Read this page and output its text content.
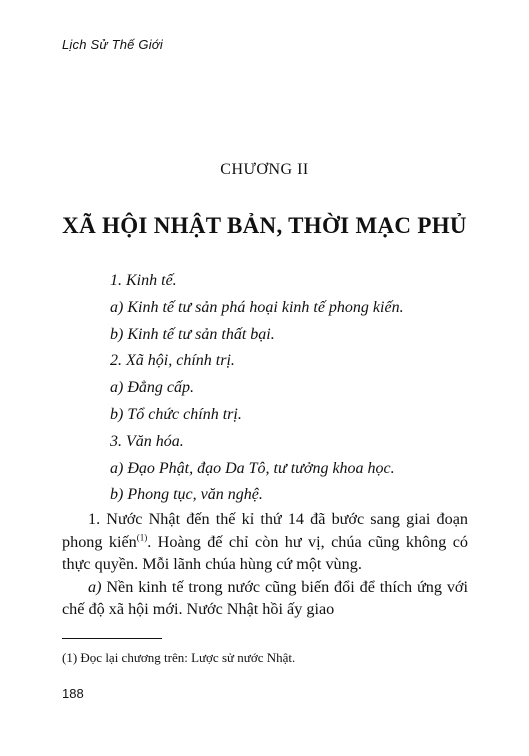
Lịch Sử Thế Giới
CHƯƠNG II
XÃ HỘI NHẬT BẢN, THỜI MẠC PHỦ
1. Kinh tế.
a) Kinh tế tư sản phá hoại kinh tế phong kiến.
b) Kinh tế tư sản thất bại.
2. Xã hội, chính trị.
a) Đẳng cấp.
b) Tổ chức chính trị.
3. Văn hóa.
a) Đạo Phật, đạo Da Tô, tư tưởng khoa học.
b) Phong tục, văn nghệ.

1. Nước Nhật đến thế kỉ thứ 14 đã bước sang giai đoạn phong kiến$^{(1)}$. Hoàng đế chỉ còn hư vị, chúa cũng không có thực quyền. Mỗi lãnh chúa hùng cứ một vùng.

a) Nền kinh tế trong nước cũng biến đổi để thích ứng với chế độ xã hội mới. Nước Nhật hồi ấy giao

(1) Đọc lại chương trên: Lược sử nước Nhật.
188
